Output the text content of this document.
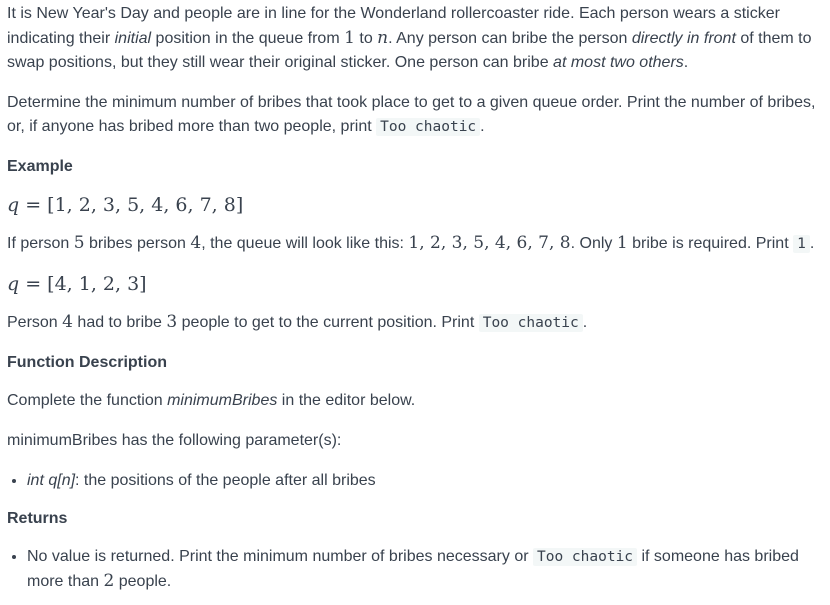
It is New Year's Day and people are in line for the Wonderland rollercoaster ride. Each person wears a sticker indicating their initial position in the queue from 1 to n. Any person can bribe the person directly in front of them to swap positions, but they still wear their original sticker. One person can bribe at most two others.

Determine the minimum number of bribes that took place to get to a given queue order. Print the number of bribes, or, if anyone has bribed more than two people, print Too chaotic .

Example

q = [1, 2, 3, 5, 4, 6, 7, 8]

If person 5 bribes person 4, the queue will look like this: 1, 2, 3, 5, 4, 6, 7, 8. Only 1 bribe is required. Print 1 .

q = [4, 1, 2, 3]

Person 4 had to bribe 3 people to get to the current position. Print Too chaotic .

Function Description

Complete the function minimumBribes in the editor below.

minimumBribes has the following parameter(s):

• int q[n]: the positions of the people after all bribes

Returns

• No value is returned. Print the minimum number of bribes necessary or Too chaotic if someone has bribed more than 2 people.
